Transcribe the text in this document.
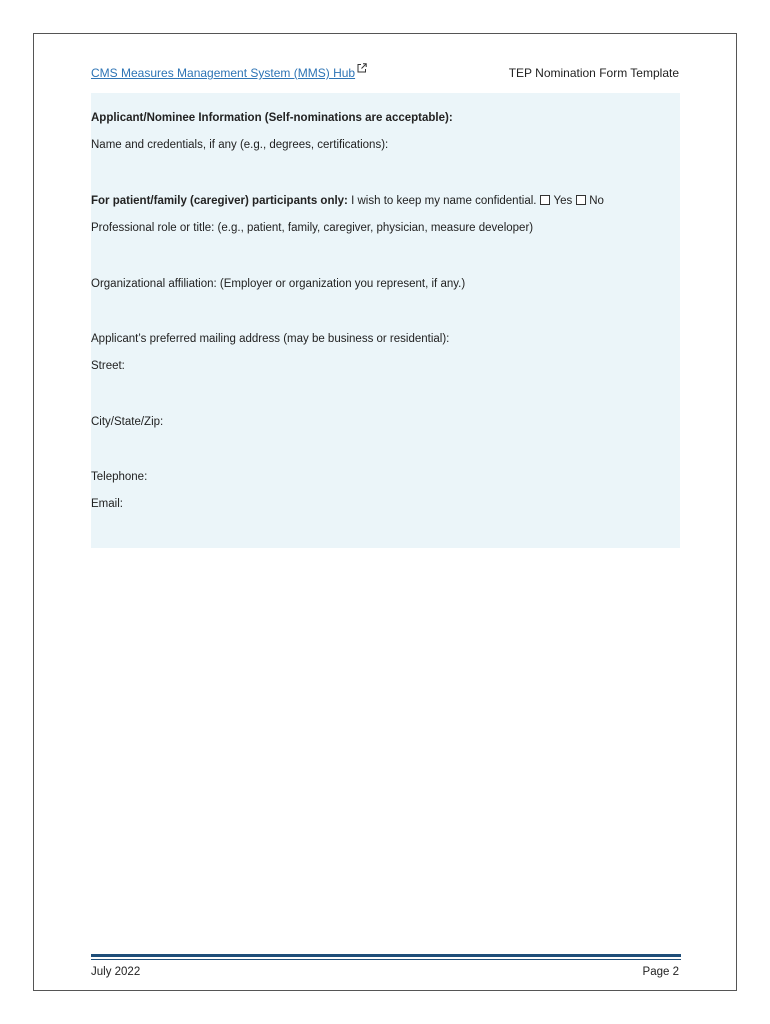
CMS Measures Management System (MMS) Hub	TEP Nomination Form Template
Applicant/Nominee Information (Self-nominations are acceptable):
Name and credentials, if any (e.g., degrees, certifications):
For patient/family (caregiver) participants only: I wish to keep my name confidential. Yes No
Professional role or title: (e.g., patient, family, caregiver, physician, measure developer)
Organizational affiliation: (Employer or organization you represent, if any.)
Applicant’s preferred mailing address (may be business or residential):
Street:
City/State/Zip:
Telephone:
Email:
July 2022	Page 2
